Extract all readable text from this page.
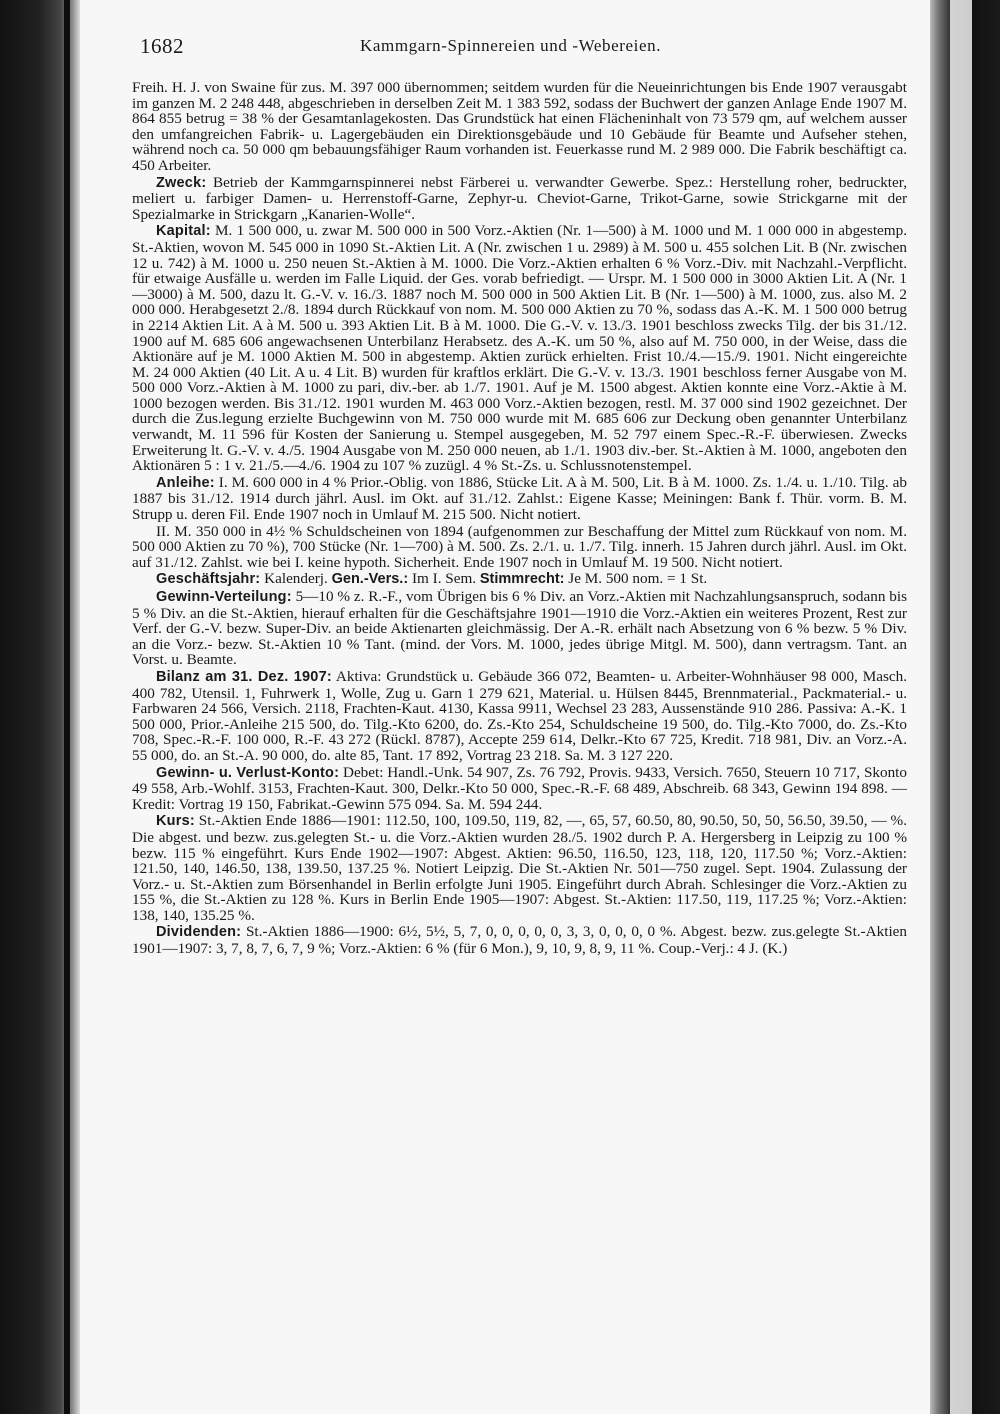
1682	Kammgarn-Spinnereien und -Webereien.

Freih. H. J. von Swaine für zus. M. 397 000 übernommen; seitdem wurden für die Neueinrichtungen bis Ende 1907 verausgabt im ganzen M. 2 248 448, abgeschrieben in derselben Zeit M. 1 383 592, sodass der Buchwert der ganzen Anlage Ende 1907 M. 864 855 betrug = 38 % der Gesamtanlagekosten. Das Grundstück hat einen Flächeninhalt von 73 579 qm, auf welchem ausser den umfangreichen Fabrik- u. Lagergebäuden ein Direktionsgebäude und 10 Gebäude für Beamte und Aufseher stehen, während noch ca. 50 000 qm bebauungsfähiger Raum vorhanden ist. Feuerkasse rund M. 2 989 000. Die Fabrik beschäftigt ca. 450 Arbeiter.

Zweck: Betrieb der Kammgarnspinnerei nebst Färberei u. verwandter Gewerbe. Spez.: Herstellung roher, bedruckter, meliert u. farbiger Damen- u. Herrenstoff-Garne, Zephyr-u. Cheviot-Garne, Trikot-Garne, sowie Strickgarne mit der Spezialmarke in Strickgarn „Kanarien-Wolle“.

Kapital: M. 1 500 000, u. zwar M. 500 000 in 500 Vorz.-Aktien (Nr. 1—500) à M. 1000 und M. 1 000 000 in abgestemp. St.-Aktien, wovon M. 545 000 in 1090 St.-Aktien Lit. A (Nr. zwischen 1 u. 2989) à M. 500 u. 455 solchen Lit. B (Nr. zwischen 12 u. 742) à M. 1000 u. 250 neuen St.-Aktien à M. 1000. Die Vorz.-Aktien erhalten 6 % Vorz.-Div. mit Nachzahl.-Verpflicht. für etwaige Ausfälle u. werden im Falle Liquid. der Ges. vorab befriedigt. — Urspr. M. 1 500 000 in 3000 Aktien Lit. A (Nr. 1—3000) à M. 500, dazu lt. G.-V. v. 16./3. 1887 noch M. 500 000 in 500 Aktien Lit. B (Nr. 1—500) à M. 1000, zus. also M. 2 000 000. Herabgesetzt 2./8. 1894 durch Rückkauf von nom. M. 500 000 Aktien zu 70 %, sodass das A.-K. M. 1 500 000 betrug in 2214 Aktien Lit. A à M. 500 u. 393 Aktien Lit. B à M. 1000. Die G.-V. v. 13./3. 1901 beschloss zwecks Tilg. der bis 31./12. 1900 auf M. 685 606 angewachsenen Unterbilanz Herabsetz. des A.-K. um 50 %, also auf M. 750 000, in der Weise, dass die Aktionäre auf je M. 1000 Aktien M. 500 in abgestemp. Aktien zurück erhielten. Frist 10./4.—15./9. 1901. Nicht eingereichte M. 24 000 Aktien (40 Lit. A u. 4 Lit. B) wurden für kraftlos erklärt. Die G.-V. v. 13./3. 1901 beschloss ferner Ausgabe von M. 500 000 Vorz.-Aktien à M. 1000 zu pari, div.-ber. ab 1./7. 1901. Auf je M. 1500 abgest. Aktien konnte eine Vorz.-Aktie à M. 1000 bezogen werden. Bis 31./12. 1901 wurden M. 463 000 Vorz.-Aktien bezogen, restl. M. 37 000 sind 1902 gezeichnet. Der durch die Zus.legung erzielte Buchgewinn von M. 750 000 wurde mit M. 685 606 zur Deckung oben genannter Unterbilanz verwandt, M. 11 596 für Kosten der Sanierung u. Stempel ausgegeben, M. 52 797 einem Spec.-R.-F. überwiesen. Zwecks Erweiterung lt. G.-V. v. 4./5. 1904 Ausgabe von M. 250 000 neuen, ab 1./1. 1903 div.-ber. St.-Aktien à M. 1000, angeboten den Aktionären 5 : 1 v. 21./5.—4./6. 1904 zu 107 % zuzügl. 4 % St.-Zs. u. Schlussnotenstempel.

Anleihe: I. M. 600 000 in 4 % Prior.-Oblig. von 1886, Stücke Lit. A à M. 500, Lit. B à M. 1000. Zs. 1./4. u. 1./10. Tilg. ab 1887 bis 31./12. 1914 durch jährl. Ausl. im Okt. auf 31./12. Zahlst.: Eigene Kasse; Meiningen: Bank f. Thür. vorm. B. M. Strupp u. deren Fil. Ende 1907 noch in Umlauf M. 215 500. Nicht notiert.

II. M. 350 000 in 4½ % Schuldscheinen von 1894 (aufgenommen zur Beschaffung der Mittel zum Rückkauf von nom. M. 500 000 Aktien zu 70 %), 700 Stücke (Nr. 1—700) à M. 500. Zs. 2./1. u. 1./7. Tilg. innerh. 15 Jahren durch jährl. Ausl. im Okt. auf 31./12. Zahlst. wie bei I. keine hypoth. Sicherheit. Ende 1907 noch in Umlauf M. 19 500. Nicht notiert.

Geschäftsjahr: Kalenderj. Gen.-Vers.: Im I. Sem. Stimmrecht: Je M. 500 nom. = 1 St.

Gewinn-Verteilung: 5—10 % z. R.-F., vom Übrigen bis 6 % Div. an Vorz.-Aktien mit Nachzahlungsanspruch, sodann bis 5 % Div. an die St.-Aktien, hierauf erhalten für die Geschäftsjahre 1901—1910 die Vorz.-Aktien ein weiteres Prozent, Rest zur Verf. der G.-V. bezw. Super-Div. an beide Aktienarten gleichmässig. Der A.-R. erhält nach Absetzung von 6 % bezw. 5 % Div. an die Vorz.- bezw. St.-Aktien 10 % Tant. (mind. der Vors. M. 1000, jedes übrige Mitgl. M. 500), dann vertragsm. Tant. an Vorst. u. Beamte.

Bilanz am 31. Dez. 1907: Aktiva: Grundstück u. Gebäude 366 072, Beamten- u. Arbeiter-Wohnhäuser 98 000, Masch. 400 782, Utensil. 1, Fuhrwerk 1, Wolle, Zug u. Garn 1 279 621, Material. u. Hülsen 8445, Brennmaterial., Packmaterial.- u. Farbwaren 24 566, Versich. 2118, Frachten-Kaut. 4130, Kassa 9911, Wechsel 23 283, Aussenstände 910 286. Passiva: A.-K. 1 500 000, Prior.-Anleihe 215 500, do. Tilg.-Kto 6200, do. Zs.-Kto 254, Schuldscheine 19 500, do. Tilg.-Kto 7000, do. Zs.-Kto 708, Spec.-R.-F. 100 000, R.-F. 43 272 (Rückl. 8787), Accepte 259 614, Delkr.-Kto 67 725, Kredit. 718 981, Div. an Vorz.-A. 55 000, do. an St.-A. 90 000, do. alte 85, Tant. 17 892, Vortrag 23 218. Sa. M. 3 127 220.

Gewinn- u. Verlust-Konto: Debet: Handl.-Unk. 54 907, Zs. 76 792, Provis. 9433, Versich. 7650, Steuern 10 717, Skonto 49 558, Arb.-Wohlf. 3153, Frachten-Kaut. 300, Delkr.-Kto 50 000, Spec.-R.-F. 68 489, Abschreib. 68 343, Gewinn 194 898. — Kredit: Vortrag 19 150, Fabrikat.-Gewinn 575 094. Sa. M. 594 244.

Kurs: St.-Aktien Ende 1886—1901: 112.50, 100, 109.50, 119, 82, —, 65, 57, 60.50, 80, 90.50, 50, 50, 56.50, 39.50, — %. Die abgest. und bezw. zus.gelegten St.- u. die Vorz.-Aktien wurden 28./5. 1902 durch P. A. Hergersberg in Leipzig zu 100 % bezw. 115 % eingeführt. Kurs Ende 1902—1907: Abgest. Aktien: 96.50, 116.50, 123, 118, 120, 117.50 %; Vorz.-Aktien: 121.50, 140, 146.50, 138, 139.50, 137.25 %. Notiert Leipzig. Die St.-Aktien Nr. 501—750 zugel. Sept. 1904. Zulassung der Vorz.- u. St.-Aktien zum Börsenhandel in Berlin erfolgte Juni 1905. Eingeführt durch Abrah. Schlesinger die Vorz.-Aktien zu 155 %, die St.-Aktien zu 128 %. Kurs in Berlin Ende 1905—1907: Abgest. St.-Aktien: 117.50, 119, 117.25 %; Vorz.-Aktien: 138, 140, 135.25 %.

Dividenden: St.-Aktien 1886—1900: 6½, 5½, 5, 7, 0, 0, 0, 0, 0, 3, 3, 0, 0, 0, 0 %. Abgest. bezw. zus.gelegte St.-Aktien 1901—1907: 3, 7, 8, 7, 6, 7, 9 %; Vorz.-Aktien: 6 % (für 6 Mon.), 9, 10, 9, 8, 9, 11 %. Coup.-Verj.: 4 J. (K.)
